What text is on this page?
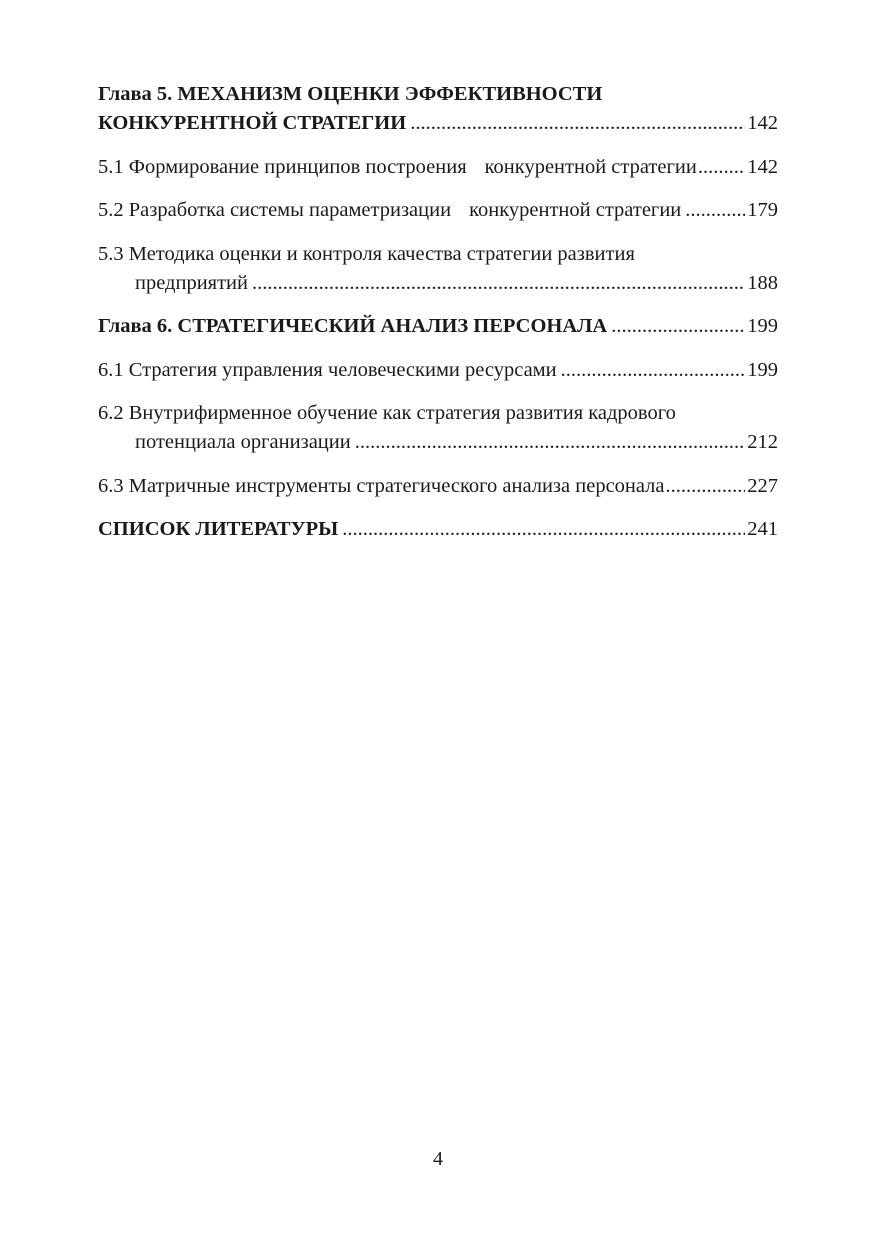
Глава 5. МЕХАНИЗМ ОЦЕНКИ ЭФФЕКТИВНОСТИ
КОНКУРЕНТНОЙ СТРАТЕГИИ .....	142
5.1 Формирование принципов построения конкурентной стратегии ..... 142
5.2 Разработка системы параметризации конкурентной стратегии .....	179
5.3 Методика оценки и контроля качества стратегии развития
предприятий .....	188
Глава 6. СТРАТЕГИЧЕСКИЙ АНАЛИЗ ПЕРСОНАЛА .....	199
6.1 Стратегия управления человеческими ресурсами .....	199
6.2 Внутрифирменное обучение как стратегия развития кадрового
потенциала организации .....	212
6.3 Матричные инструменты стратегического анализа персонала .....	227
СПИСОК ЛИТЕРАТУРЫ .....	241
4
